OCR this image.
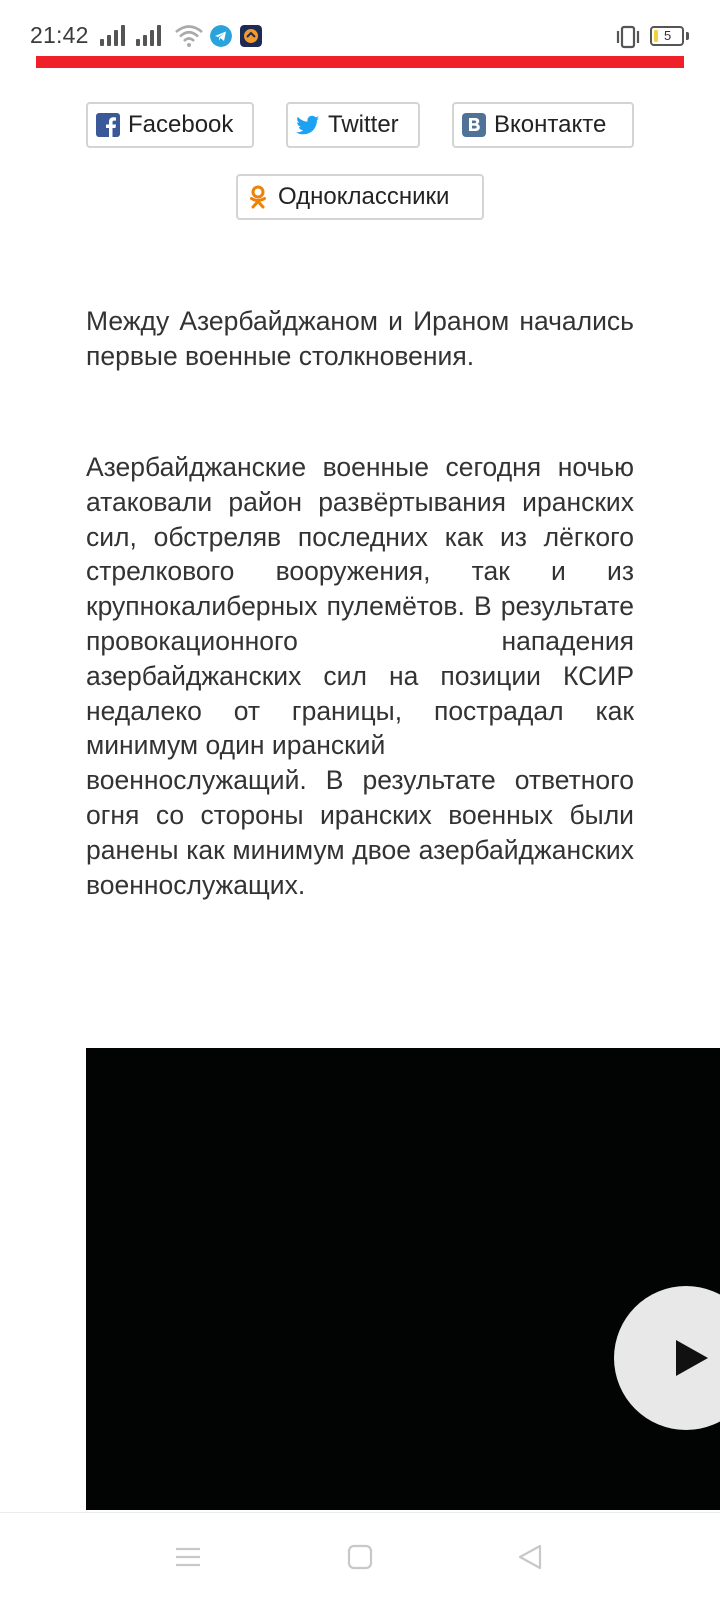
21:42	5
Facebook	Twitter	Вконтакте
Одноклассники

Между Азербайджаном и Ираном начались первые военные столкновения.

Азербайджанские военные сегодня ночью атаковали район развёртывания иранских сил, обстреляв последних как из лёгкого стрелкового вооружения, так и из крупнокалиберных пулемётов. В результате провокационного нападения азербайджанских сил на позиции КСИР недалеко от границы, пострадал как минимум один иранский

военнослужащий. В результате ответного огня со стороны иранских военных были ранены как минимум двое азербайджанских военнослужащих.
